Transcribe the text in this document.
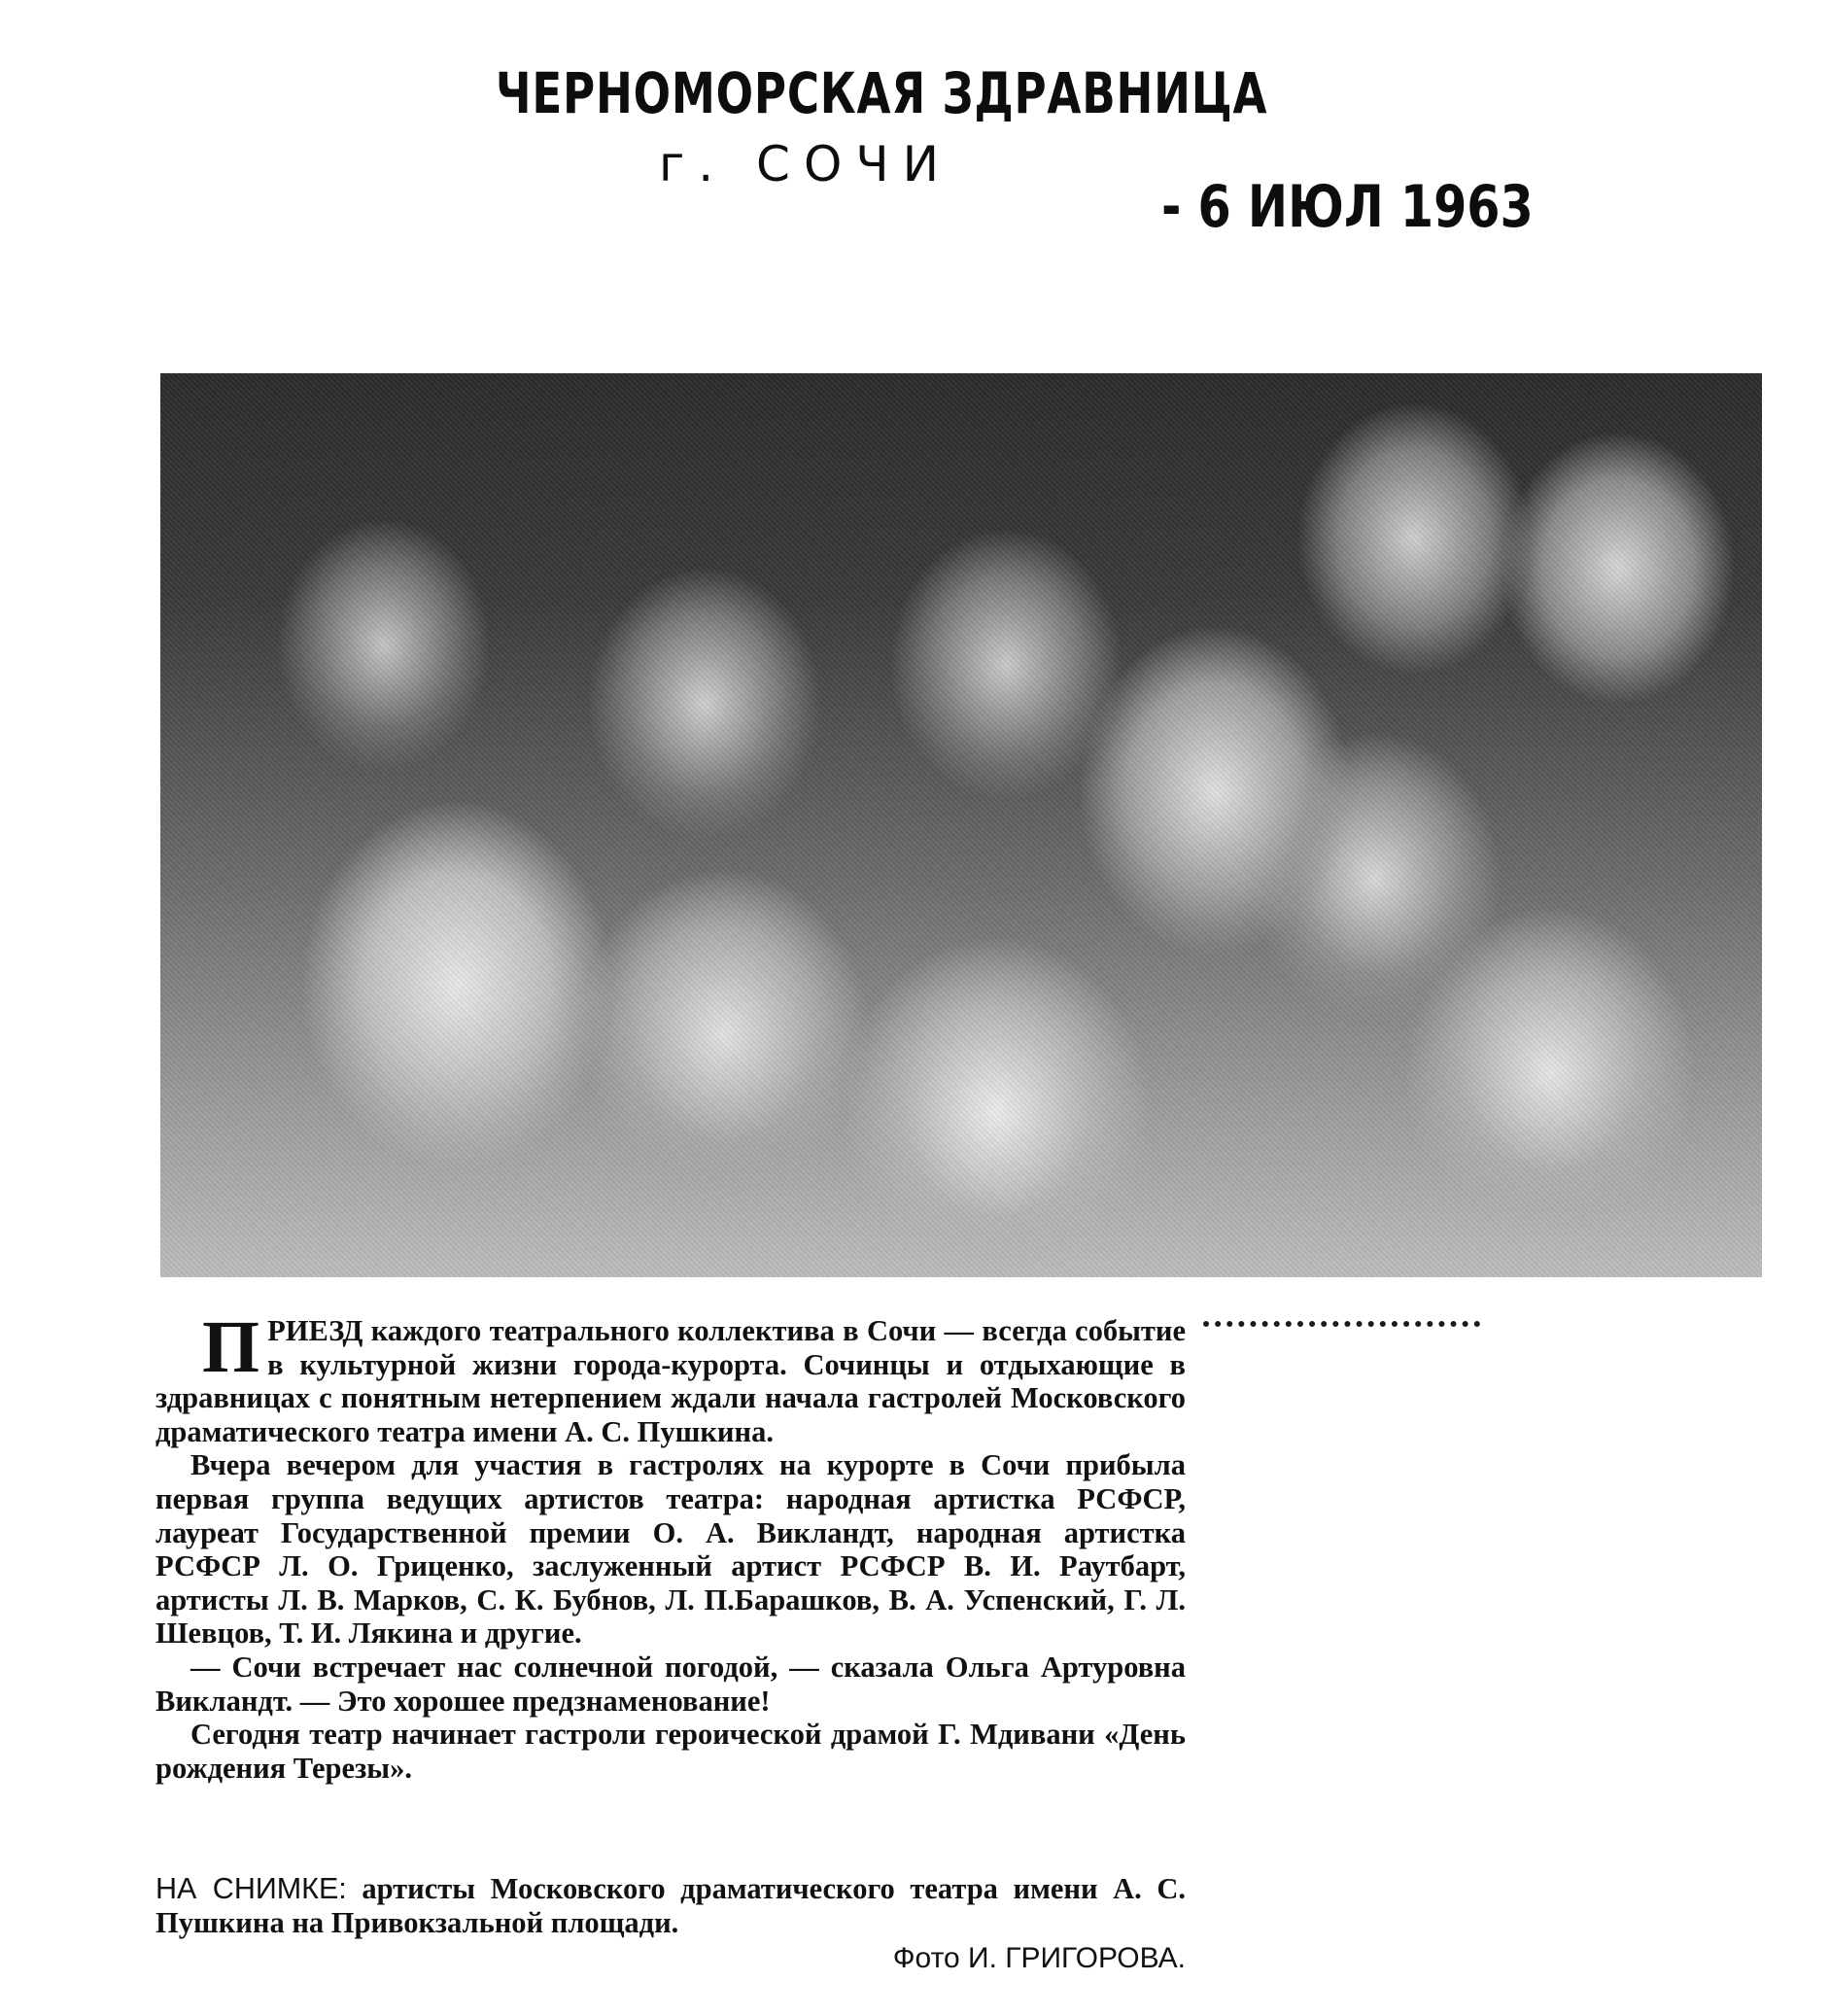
ЧЕРНОМОРСКАЯ ЗДРАВНИЦА
г. СОЧИ
- 6 ИЮЛ 1963

ПРИЕЗД каждого театрального коллектива в Сочи — всегда событие в культурной жизни города-курорта. Сочинцы и отдыхающие в здравницах с понятным нетерпением ждали начала гастролей Московского драматического театра имени А. С. Пушкина.

Вчера вечером для участия в гастролях на курорте в Сочи прибыла первая группа ведущих артистов театра: народная артистка РСФСР, лауреат Государственной премии О. А. Викландт, народная артистка РСФСР Л. О. Гриценко, заслуженный артист РСФСР В. И. Раутбарт, артисты Л. В. Марков, С. К. Бубнов, Л. П.Барашков, В. А. Успенский, Г. Л. Шевцов, Т. И. Лякина и другие.

— Сочи встречает нас солнечной погодой, — сказала Ольга Артуровна Викландт. — Это хорошее предзнаменование!

Сегодня театр начинает гастроли героической драмой Г. Мдивани «День рождения Терезы».

НА СНИМКЕ: артисты Московского драматического театра имени А. С. Пушкина на Привокзальной площади.
Фото И. ГРИГОРОВА.
